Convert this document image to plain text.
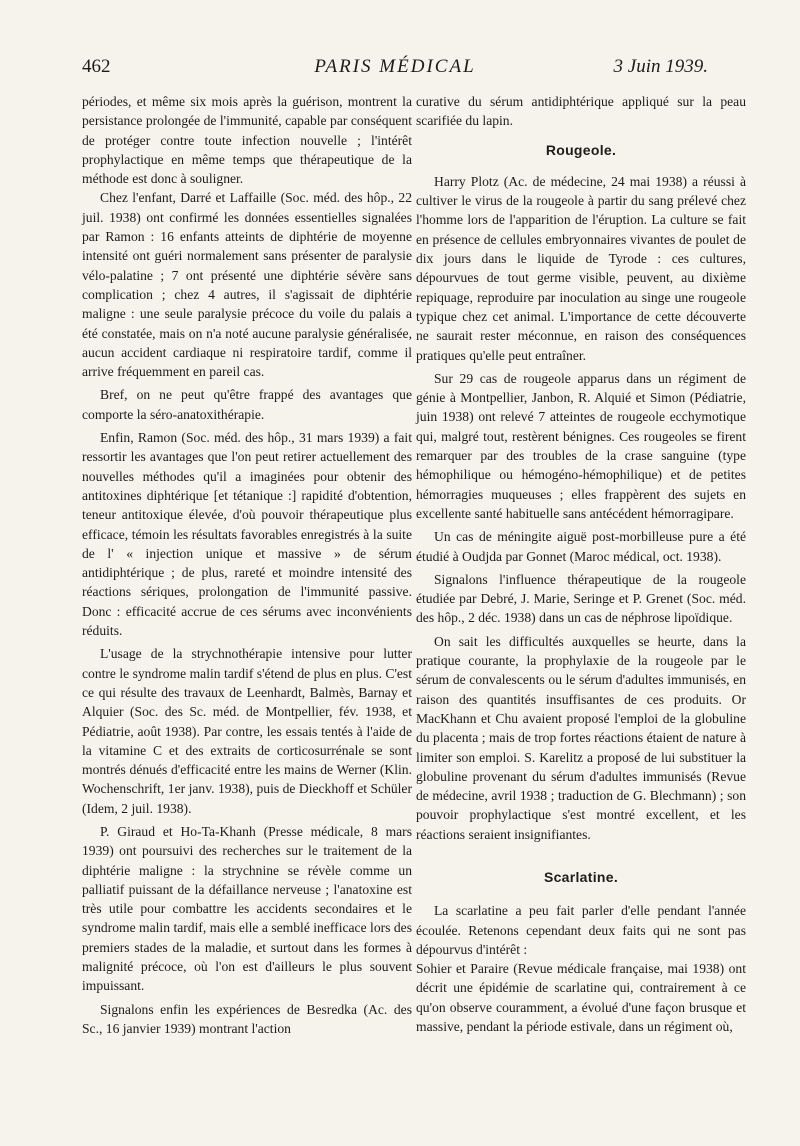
PARIS MÉDICAL
462	3 Juin 1939.

périodes, et même six mois après la guérison, montrent la persistance prolongée de l'immunité, capable par conséquent de protéger contre toute infection nouvelle ; l'intérêt prophylactique en même temps que thérapeutique de la méthode est donc à souligner.

Chez l'enfant, Darré et Laffaille (Soc. méd. des hôp., 22 juil. 1938) ont confirmé les données essentielles signalées par Ramon : 16 enfants atteints de diphtérie de moyenne intensité ont guéri normalement sans présenter de paralysie vélo-palatine ; 7 ont présenté une diphtérie sévère sans complication ; chez 4 autres, il s'agissait de diphtérie maligne : une seule paralysie précoce du voile du palais a été constatée, mais on n'a noté aucune paralysie généralisée, aucun accident cardiaque ni respiratoire tardif, comme il arrive fréquemment en pareil cas.

Bref, on ne peut qu'être frappé des avantages que comporte la séro-anatoxithérapie.

Enfin, Ramon (Soc. méd. des hôp., 31 mars 1939) a fait ressortir les avantages que l'on peut retirer actuellement des nouvelles méthodes qu'il a imaginées pour obtenir des antitoxines diphtérique [et tétanique :] rapidité d'obtention, teneur antitoxique élevée, d'où pouvoir thérapeutique plus efficace, témoin les résultats favorables enregistrés à la suite de l' « injection unique et massive » de sérum antidiphtérique ; de plus, rareté et moindre intensité des réactions sériques, prolongation de l'immunité passive. Donc : efficacité accrue de ces sérums avec inconvénients réduits.

L'usage de la strychnothérapie intensive pour lutter contre le syndrome malin tardif s'étend de plus en plus. C'est ce qui résulte des travaux de Leenhardt, Balmès, Barnay et Alquier (Soc. des Sc. méd. de Montpellier, fév. 1938, et Pédiatrie, août 1938). Par contre, les essais tentés à l'aide de la vitamine C et des extraits de corticosurrénale se sont montrés dénués d'efficacité entre les mains de Werner (Klin. Wochenschrift, 1er janv. 1938), puis de Dieckhoff et Schüler (Idem, 2 juil. 1938).

P. Giraud et Ho-Ta-Khanh (Presse médicale, 8 mars 1939) ont poursuivi des recherches sur le traitement de la diphtérie maligne : la strychnine se révèle comme un palliatif puissant de la défaillance nerveuse ; l'anatoxine est très utile pour combattre les accidents secondaires et le syndrome malin tardif, mais elle a semblé inefficace lors des premiers stades de la maladie, et surtout dans les formes à malignité précoce, où l'on est d'ailleurs le plus souvent impuissant.

Signalons enfin les expériences de Besredka (Ac. des Sc., 16 janvier 1939) montrant l'action

curative du sérum antidiphtérique appliqué sur la peau scarifiée du lapin.

Rougeole.

Harry Plotz (Ac. de médecine, 24 mai 1938) a réussi à cultiver le virus de la rougeole à partir du sang prélevé chez l'homme lors de l'apparition de l'éruption. La culture se fait en présence de cellules embryonnaires vivantes de poulet de dix jours dans le liquide de Tyrode : ces cultures, dépourvues de tout germe visible, peuvent, au dixième repiquage, reproduire par inoculation au singe une rougeole typique chez cet animal. L'importance de cette découverte ne saurait rester méconnue, en raison des conséquences pratiques qu'elle peut entraîner.

Sur 29 cas de rougeole apparus dans un régiment de génie à Montpellier, Janbon, R. Alquié et Simon (Pédiatrie, juin 1938) ont relevé 7 atteintes de rougeole ecchymotique qui, malgré tout, restèrent bénignes. Ces rougeoles se firent remarquer par des troubles de la crase sanguine (type hémophilique ou hémogéno-hémophilique) et de petites hémorragies muqueuses ; elles frappèrent des sujets en excellente santé habituelle sans antécédent hémorragipare.

Un cas de méningite aiguë post-morbilleuse pure a été étudié à Oudjda par Gonnet (Maroc médical, oct. 1938).

Signalons l'influence thérapeutique de la rougeole étudiée par Debré, J. Marie, Seringe et P. Grenet (Soc. méd. des hôp., 2 déc. 1938) dans un cas de néphrose lipoïdique.

On sait les difficultés auxquelles se heurte, dans la pratique courante, la prophylaxie de la rougeole par le sérum de convalescents ou le sérum d'adultes immunisés, en raison des quantités insuffisantes de ces produits. Or MacKhann et Chu avaient proposé l'emploi de la globuline du placenta ; mais de trop fortes réactions étaient de nature à limiter son emploi. S. Karelitz a proposé de lui substituer la globuline provenant du sérum d'adultes immunisés (Revue de médecine, avril 1938 ; traduction de G. Blechmann) ; son pouvoir prophylactique s'est montré excellent, et les réactions seraient insignifiantes.

Scarlatine.

La scarlatine a peu fait parler d'elle pendant l'année écoulée. Retenons cependant deux faits qui ne sont pas dépourvus d'intérêt :

Sohier et Paraire (Revue médicale française, mai 1938) ont décrit une épidémie de scarlatine qui, contrairement à ce qu'on observe couramment, a évolué d'une façon brusque et massive, pendant la période estivale, dans un régiment où,
